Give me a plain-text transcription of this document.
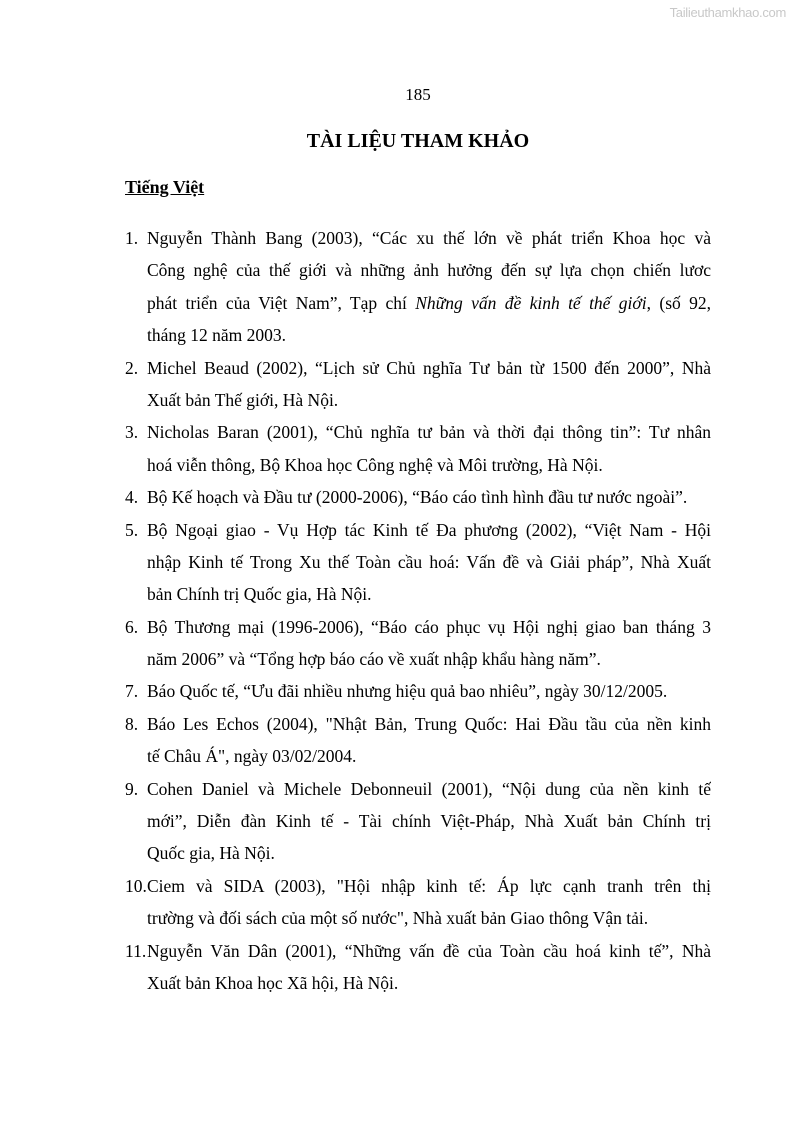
Tailieuthamkhao.com
185
TÀI LIỆU THAM KHẢO
Tiếng Việt
1. Nguyễn Thành Bang (2003), “Các xu thế lớn về phát triển Khoa học và
Công nghệ của thế giới và những ảnh hưởng đến sự lựa chọn chiến lươc
phát triển của Việt Nam”, Tạp chí Những vấn đề kinh tế thế giới, (số 92,
tháng 12 năm 2003.
2. Michel Beaud (2002), “Lịch sử Chủ nghĩa Tư bản từ 1500 đến 2000”, Nhà
Xuất bản Thế giới, Hà Nội.
3. Nicholas Baran (2001), “Chủ nghĩa tư bản và thời đại thông tin”: Tư nhân
hoá viễn thông, Bộ Khoa học Công nghệ và Môi trường, Hà Nội.
4. Bộ Kế hoạch và Đầu tư (2000-2006), “Báo cáo tình hình đầu tư nước ngoài”.
5. Bộ Ngoại giao - Vụ Hợp tác Kinh tế Đa phương (2002), “Việt Nam - Hội
nhập Kinh tế Trong Xu thế Toàn cầu hoá: Vấn đề và Giải pháp”, Nhà Xuất
bản Chính trị Quốc gia, Hà Nội.
6. Bộ Thương mại (1996-2006), “Báo cáo phục vụ Hội nghị giao ban tháng 3
năm 2006” và “Tổng hợp báo cáo về xuất nhập khẩu hàng năm”.
7. Báo Quốc tế, “Ưu đãi nhiều nhưng hiệu quả bao nhiêu”, ngày 30/12/2005.
8. Báo Les Echos (2004), "Nhật Bản, Trung Quốc: Hai Đầu tầu của nền kinh
tế Châu Á", ngày 03/02/2004.
9. Cohen Daniel và Michele Debonneuil (2001), “Nội dung của nền kinh tế
mới”, Diễn đàn Kinh tế - Tài chính Việt-Pháp, Nhà Xuất bản Chính trị
Quốc gia, Hà Nội.
10. Ciem và SIDA (2003), "Hội nhập kinh tế: Áp lực cạnh tranh trên thị
trường và đối sách của một số nước", Nhà xuất bản Giao thông Vận tải.
11. Nguyễn Văn Dân (2001), “Những vấn đề của Toàn cầu hoá kinh tế”, Nhà
Xuất bản Khoa học Xã hội, Hà Nội.
